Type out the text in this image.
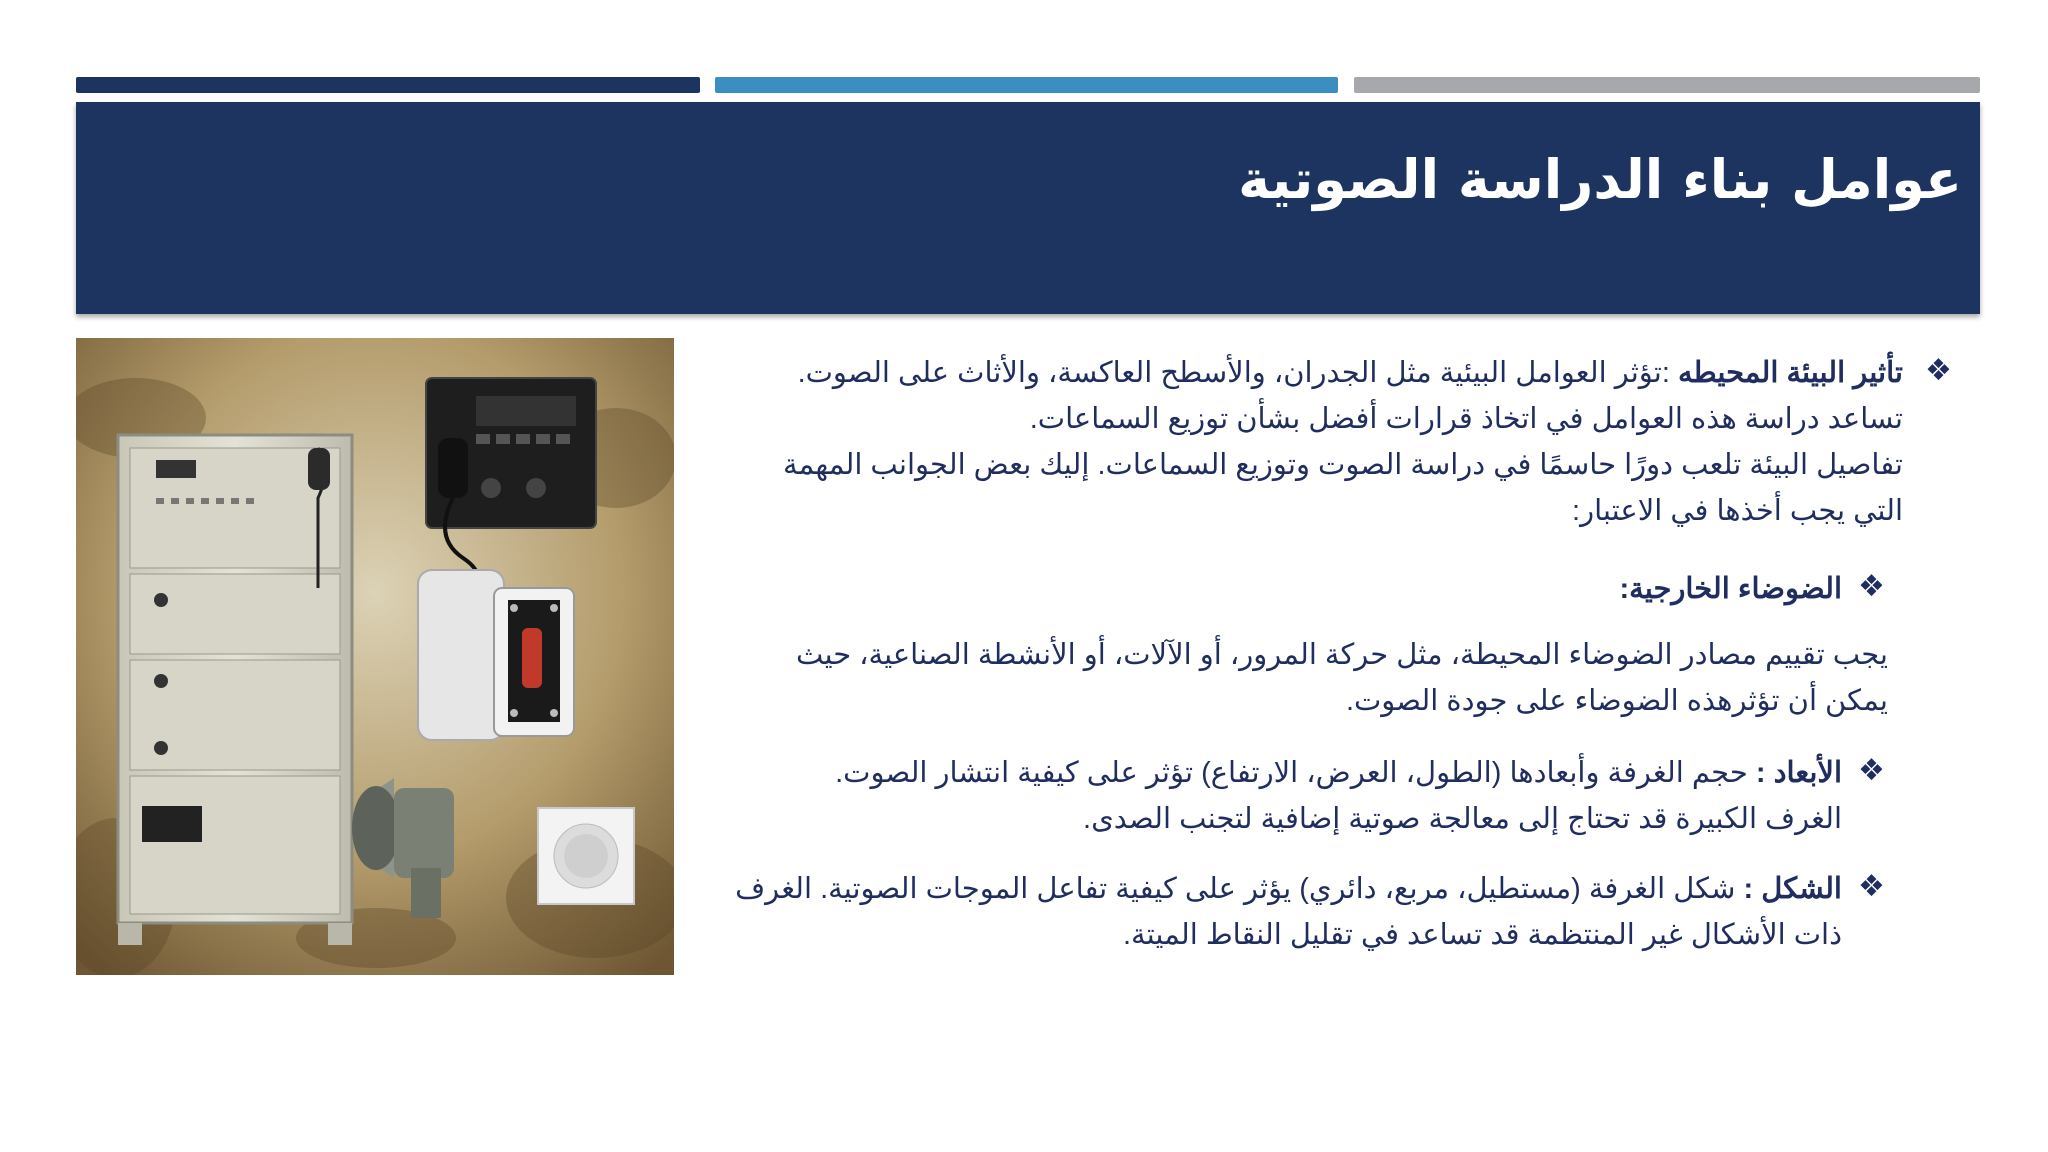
عوامل بناء الدراسة الصوتية
❖
تأثير البيئة المحيطه :تؤثر العوامل البيئية مثل الجدران، والأسطح العاكسة، والأثاث على الصوت.
تساعد دراسة هذه العوامل في اتخاذ قرارات أفضل بشأن توزيع السماعات.
تفاصيل البيئة تلعب دورًا حاسمًا في دراسة الصوت وتوزيع السماعات. إليك بعض الجوانب المهمة
التي يجب أخذها في الاعتبار:
❖
الضوضاء الخارجية:
يجب تقييم مصادر الضوضاء المحيطة، مثل حركة المرور، أو الآلات، أو الأنشطة الصناعية، حيث
يمكن أن تؤثرهذه الضوضاء على جودة الصوت.
❖
الأبعاد : حجم الغرفة وأبعادها (الطول، العرض، الارتفاع) تؤثر على كيفية انتشار الصوت.
الغرف الكبيرة قد تحتاج إلى معالجة صوتية إضافية لتجنب الصدى.
❖
الشكل : شكل الغرفة (مستطيل، مربع، دائري) يؤثر على كيفية تفاعل الموجات الصوتية. الغرف
ذات الأشكال غير المنتظمة قد تساعد في تقليل النقاط الميتة.
